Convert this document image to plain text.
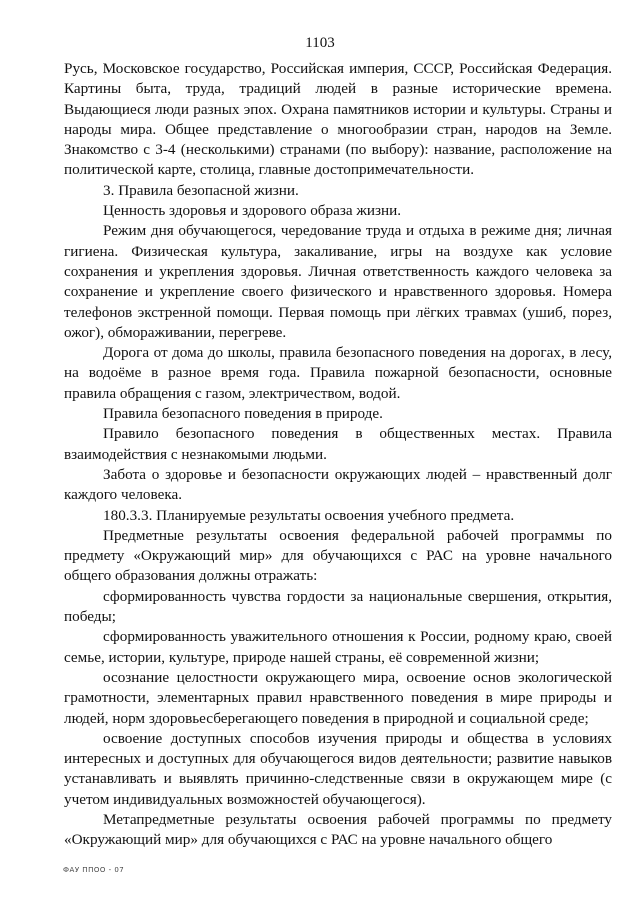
1103

Русь, Московское государство, Российская империя, СССР, Российская Федерация. Картины быта, труда, традиций людей в разные исторические времена. Выдающиеся люди разных эпох. Охрана памятников истории и культуры. Страны и народы мира. Общее представление о многообразии стран, народов на Земле. Знакомство с 3-4 (несколькими) странами (по выбору): название, расположение на политической карте, столица, главные достопримечательности.

3. Правила безопасной жизни.

Ценность здоровья и здорового образа жизни.

Режим дня обучающегося, чередование труда и отдыха в режиме дня; личная гигиена. Физическая культура, закаливание, игры на воздухе как условие сохранения и укрепления здоровья. Личная ответственность каждого человека за сохранение и укрепление своего физического и нравственного здоровья. Номера телефонов экстренной помощи. Первая помощь при лёгких травмах (ушиб, порез, ожог), обмораживании, перегреве.

Дорога от дома до школы, правила безопасного поведения на дорогах, в лесу, на водоёме в разное время года. Правила пожарной безопасности, основные правила обращения с газом, электричеством, водой.

Правила безопасного поведения в природе.

Правило безопасного поведения в общественных местах. Правила взаимодействия с незнакомыми людьми.

Забота о здоровье и безопасности окружающих людей – нравственный долг каждого человека.

180.3.3. Планируемые результаты освоения учебного предмета.

Предметные результаты освоения федеральной рабочей программы по предмету «Окружающий мир» для обучающихся с РАС на уровне начального общего образования должны отражать:

сформированность чувства гордости за национальные свершения, открытия, победы;

сформированность уважительного отношения к России, родному краю, своей семье, истории, культуре, природе нашей страны, её современной жизни;

осознание целостности окружающего мира, освоение основ экологической грамотности, элементарных правил нравственного поведения в мире природы и людей, норм здоровьесберегающего поведения в природной и социальной среде;

освоение доступных способов изучения природы и общества в условиях интересных и доступных для обучающегося видов деятельности; развитие навыков устанавливать и выявлять причинно-следственные связи в окружающем мире (с учетом индивидуальных возможностей обучающегося).

Метапредметные результаты освоения рабочей программы по предмету «Окружающий мир» для обучающихся с РАС на уровне начального общего

ФАУ ППОО - 07
